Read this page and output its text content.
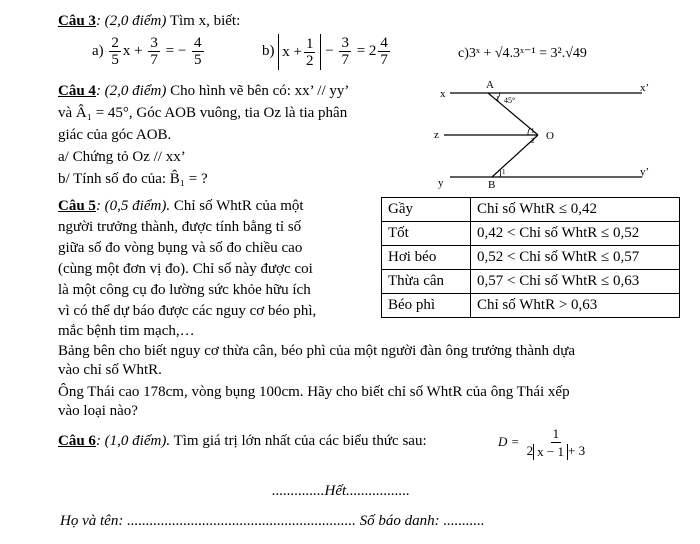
Câu 3: (2,0 điểm) Tìm x, biết:
$a) \frac{2}{5}$ $x + \frac{3}{7}$ = − $\frac{4}{5}$	b) $x + \frac{1}{2} - \frac{3}{7} = 2 \frac{4}{7}$	c)3ˣ + √4.3ˣ⁻¹ = 3².√49
Câu 4: (2,0 điểm) Cho hình vẽ bên có: xx’ // yy’
và Â₁ = 45°, Góc AOB vuông, tia Oz là tia phân
giác của góc AOB.
a/ Chứng tỏ Oz // xx’
b/ Tính số đo của: B̂₁ = ?
x	x’
A
45°
1
z	O
1
2
y
y’
B
1
Câu 5: (0,5 điểm). Chỉ số WhtR của một
người trưởng thành, được tính bằng tỉ số
giữa số đo vòng bụng và số đo chiều cao
(cùng một đơn vị đo). Chỉ số này được coi
là một công cụ đo lường sức khỏe hữu ích
vì có thể dự báo được các nguy cơ béo phì,
mắc bệnh tim mạch,…
Bảng bên cho biết nguy cơ thừa cân, béo phì của một người đàn ông trưởng thành dựa
vào chỉ số WhtR.
Ông Thái cao 178cm, vòng bụng 100cm. Hãy cho biết chỉ số WhtR của ông Thái xếp
vào loại nào?
Gầy	Chỉ số WhtR ≤ 0,42
Tốt	0,42 < Chỉ số WhtR ≤ 0,52
Hơi béo	0,52 < Chỉ số WhtR ≤ 0,57
Thừa cân	0,57 < Chỉ số WhtR ≤ 0,63
Béo phì	Chỉ số WhtR > 0,63
Câu 6: (1,0 điểm). Tìm giá trị lớn nhất của các biểu thức sau:	$D = \frac{1}{2 x - 1 + 3}$
..............Hết.................
Họ và tên: ............................................................. Số báo danh: ...........
